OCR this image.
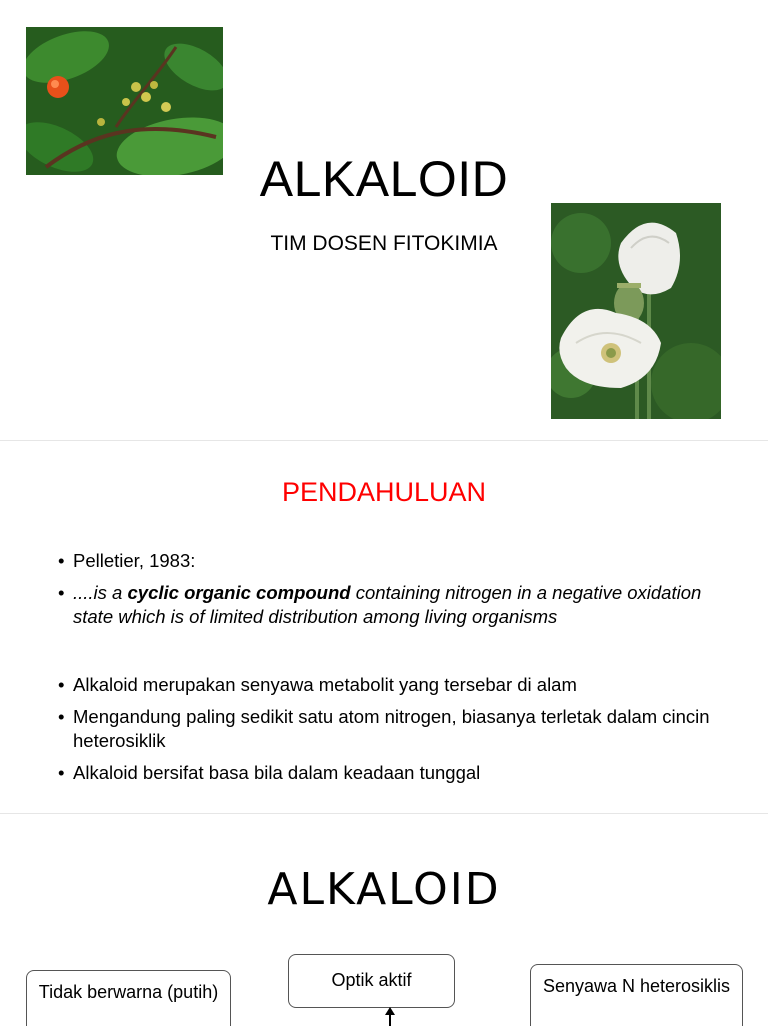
ALKALOID
TIM DOSEN FITOKIMIA
PENDAHULUAN
• Pelletier, 1983:
• ....is a cyclic organic compound containing nitrogen in a negative oxidation state which is of limited distribution among living organisms
• Alkaloid merupakan senyawa metabolit yang tersebar di alam
• Mengandung paling sedikit satu atom nitrogen, biasanya terletak dalam cincin heterosiklik
• Alkaloid bersifat basa bila dalam keadaan tunggal
ALKALOID
Optik aktif
Tidak berwarna (putih)	Senyawa N heterosiklis
